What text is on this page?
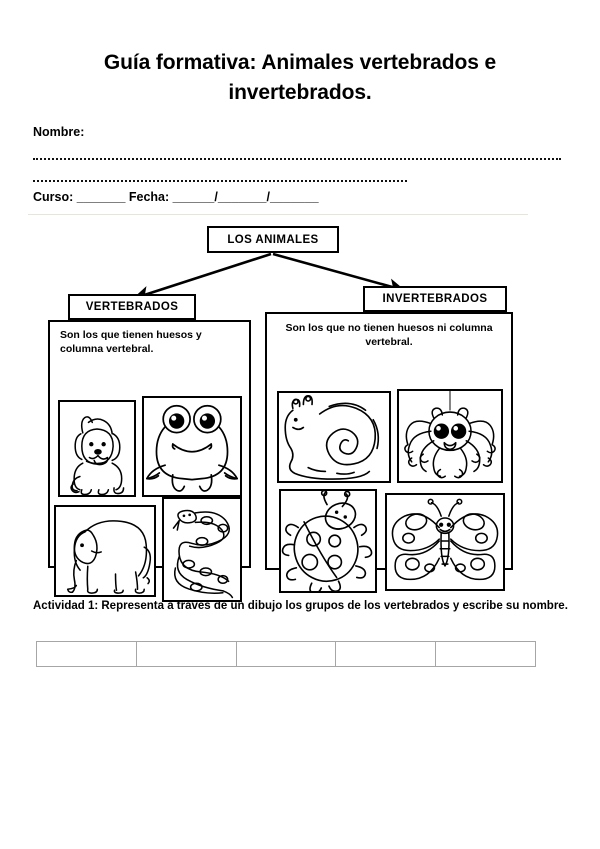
Guía formativa: Animales vertebrados e invertebrados.
Nombre:
Curso: _______ Fecha: ______/_______/_______
LOS ANIMALES
VERTEBRADOS
INVERTEBRADOS
Son los que tienen huesos y columna vertebral.
Son los que no tienen huesos ni columna vertebral.
Actividad 1: Representa a través de un dibujo los grupos de los vertebrados y escribe su nombre.
